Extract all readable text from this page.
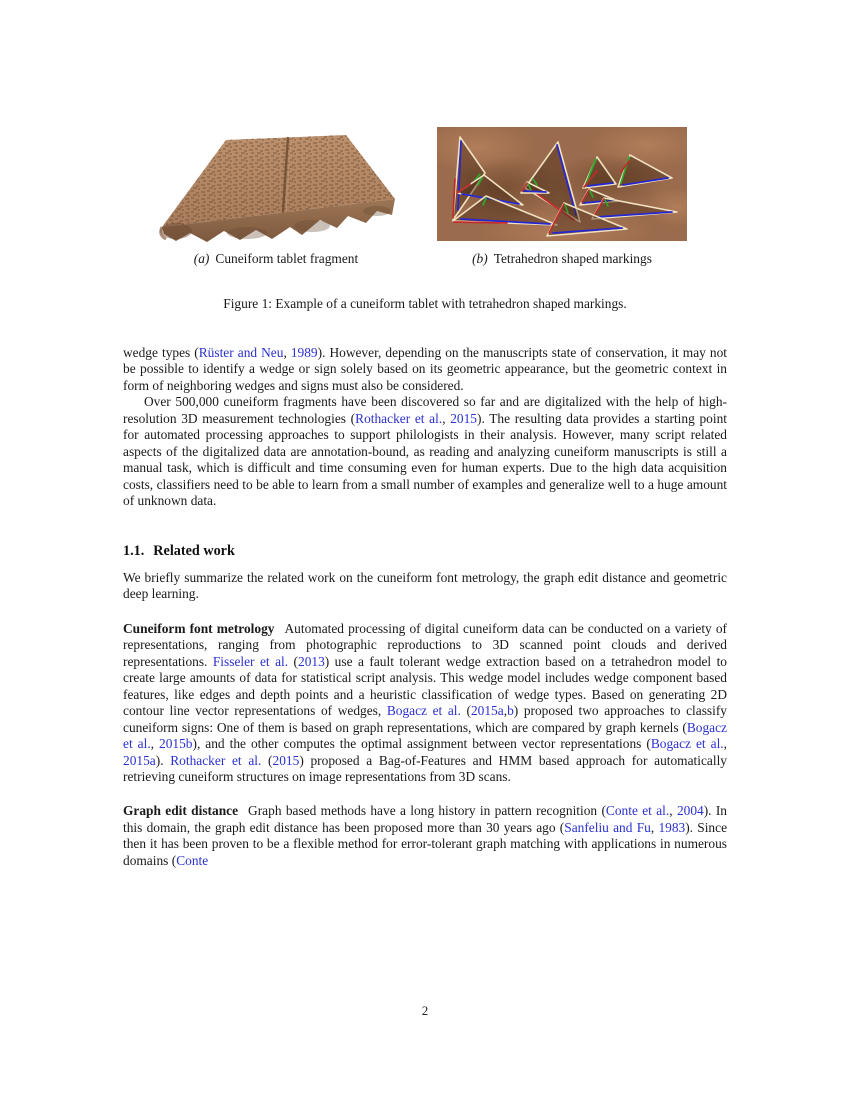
(a) Cuneiform tablet fragment	(b) Tetrahedron shaped markings
Figure 1: Example of a cuneiform tablet with tetrahedron shaped markings.

wedge types (Rüster and Neu, 1989). However, depending on the manuscripts state of conservation, it may not be possible to identify a wedge or sign solely based on its geometric appearance, but the geometric context in form of neighboring wedges and signs must also be considered.

Over 500,000 cuneiform fragments have been discovered so far and are digitalized with the help of high-resolution 3D measurement technologies (Rothacker et al., 2015). The resulting data provides a starting point for automated processing approaches to support philologists in their analysis. However, many script related aspects of the digitalized data are annotation-bound, as reading and analyzing cuneiform manuscripts is still a manual task, which is difficult and time consuming even for human experts. Due to the high data acquisition costs, classifiers need to be able to learn from a small number of examples and generalize well to a huge amount of unknown data.

1.1. Related work

We briefly summarize the related work on the cuneiform font metrology, the graph edit distance and geometric deep learning.

Cuneiform font metrology Automated processing of digital cuneiform data can be conducted on a variety of representations, ranging from photographic reproductions to 3D scanned point clouds and derived representations. Fisseler et al. (2013) use a fault tolerant wedge extraction based on a tetrahedron model to create large amounts of data for statistical script analysis. This wedge model includes wedge component based features, like edges and depth points and a heuristic classification of wedge types. Based on generating 2D contour line vector representations of wedges, Bogacz et al. (2015a,b) proposed two approaches to classify cuneiform signs: One of them is based on graph representations, which are compared by graph kernels (Bogacz et al., 2015b), and the other computes the optimal assignment between vector representations (Bogacz et al., 2015a). Rothacker et al. (2015) proposed a Bag-of-Features and HMM based approach for automatically retrieving cuneiform structures on image representations from 3D scans.

Graph edit distance Graph based methods have a long history in pattern recognition (Conte et al., 2004). In this domain, the graph edit distance has been proposed more than 30 years ago (Sanfeliu and Fu, 1983). Since then it has been proven to be a flexible method for error-tolerant graph matching with applications in numerous domains (Conte

2
